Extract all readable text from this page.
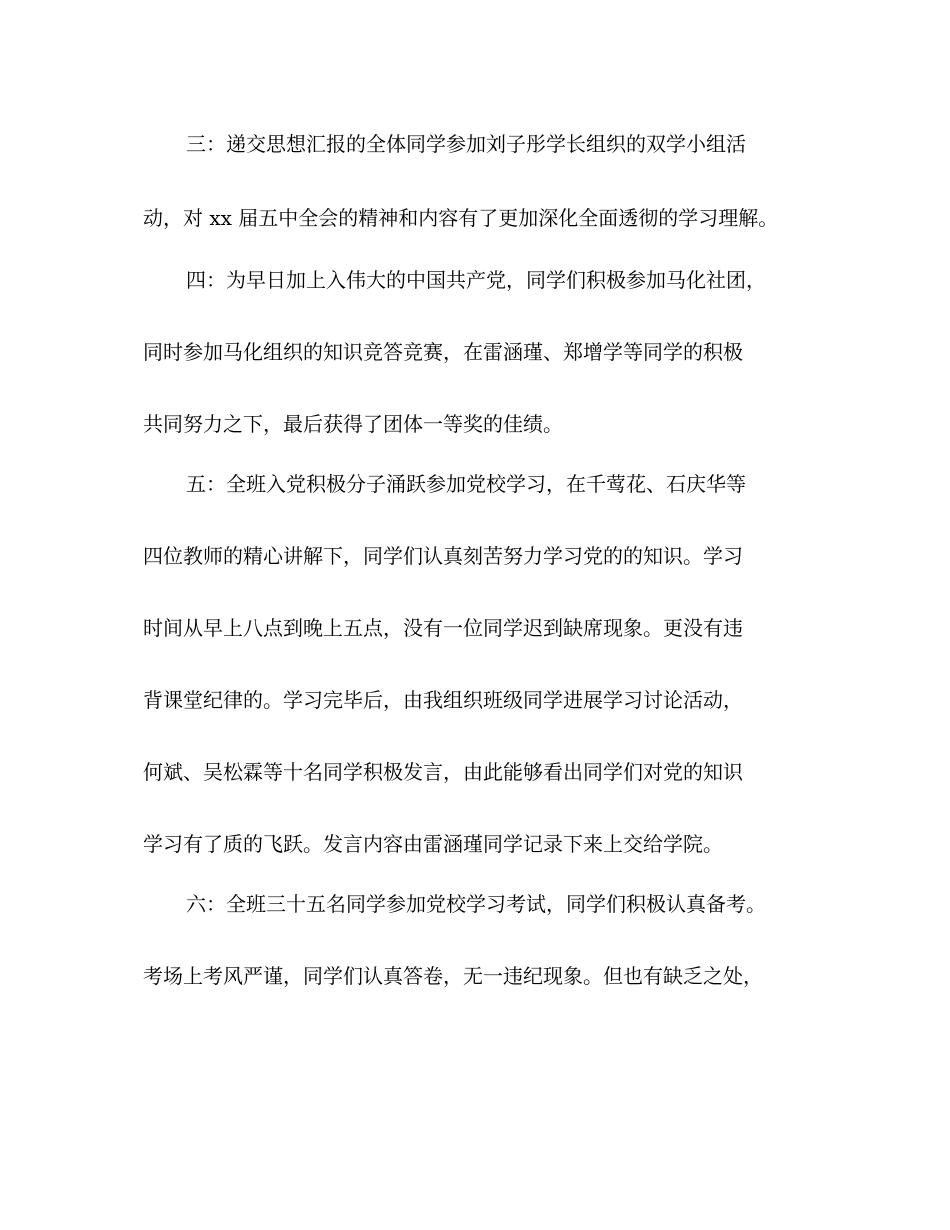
三：递交思想汇报的全体同学参加刘子彤学长组织的双学小组活
动，对 xx 届五中全会的精神和内容有了更加深化全面透彻的学习理解。
四：为早日加上入伟大的中国共产党，同学们积极参加马化社团，
同时参加马化组织的知识竞答竞赛，在雷涵瑾、郑增学等同学的积极
共同努力之下，最后获得了团体一等奖的佳绩。
五：全班入党积极分子涌跃参加党校学习，在千莺花、石庆华等
四位教师的精心讲解下，同学们认真刻苦努力学习党的的知识。学习
时间从早上八点到晚上五点，没有一位同学迟到缺席现象。更没有违
背课堂纪律的。学习完毕后，由我组织班级同学进展学习讨论活动，
何斌、吴松霖等十名同学积极发言，由此能够看出同学们对党的知识
学习有了质的飞跃。发言内容由雷涵瑾同学记录下来上交给学院。
六：全班三十五名同学参加党校学习考试，同学们积极认真备考。
考场上考风严谨，同学们认真答卷，无一违纪现象。但也有缺乏之处，
